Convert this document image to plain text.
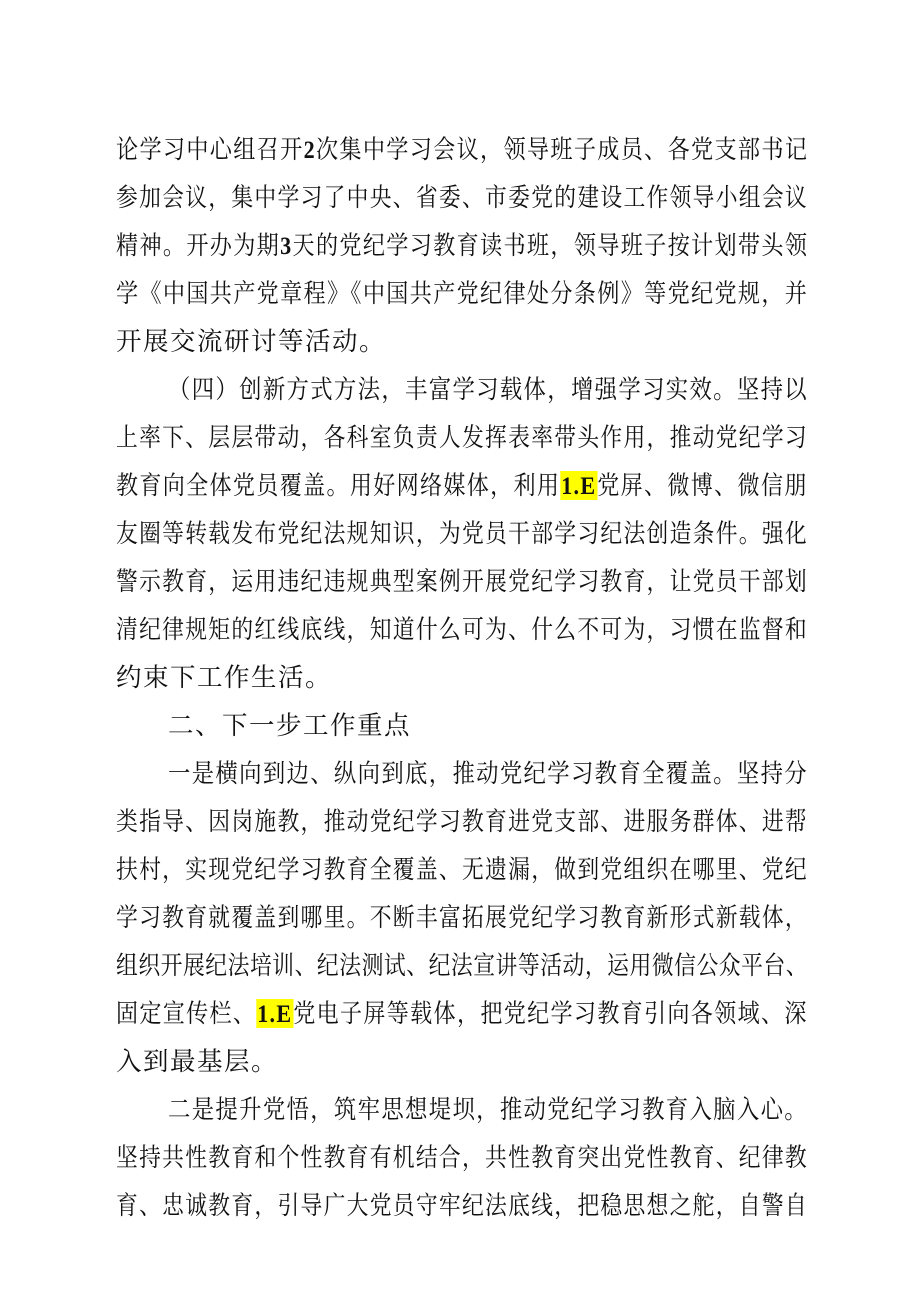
论学习中心组召开2次集中学习会议，领导班子成员、各党支部书记
参加会议，集中学习了中央、省委、市委党的建设工作领导小组会议
精神。开办为期3天的党纪学习教育读书班，领导班子按计划带头领
学《中国共产党章程》《中国共产党纪律处分条例》等党纪党规，并
开展交流研讨等活动。
（四）创新方式方法，丰富学习载体，增强学习实效。坚持以
上率下、层层带动，各科室负责人发挥表率带头作用，推动党纪学习
教育向全体党员覆盖。用好网络媒体，利用1.E党屏、微博、微信朋
友圈等转载发布党纪法规知识，为党员干部学习纪法创造条件。强化
警示教育，运用违纪违规典型案例开展党纪学习教育，让党员干部划
清纪律规矩的红线底线，知道什么可为、什么不可为，习惯在监督和
约束下工作生活。
二、下一步工作重点
一是横向到边、纵向到底，推动党纪学习教育全覆盖。坚持分
类指导、因岗施教，推动党纪学习教育进党支部、进服务群体、进帮
扶村，实现党纪学习教育全覆盖、无遗漏，做到党组织在哪里、党纪
学习教育就覆盖到哪里。不断丰富拓展党纪学习教育新形式新载体，
组织开展纪法培训、纪法测试、纪法宣讲等活动，运用微信公众平台、
固定宣传栏、1.E党电子屏等载体，把党纪学习教育引向各领域、深
入到最基层。
二是提升党悟，筑牢思想堤坝，推动党纪学习教育入脑入心。
坚持共性教育和个性教育有机结合，共性教育突出党性教育、纪律教
育、忠诚教育，引导广大党员守牢纪法底线，把稳思想之舵，自警自
